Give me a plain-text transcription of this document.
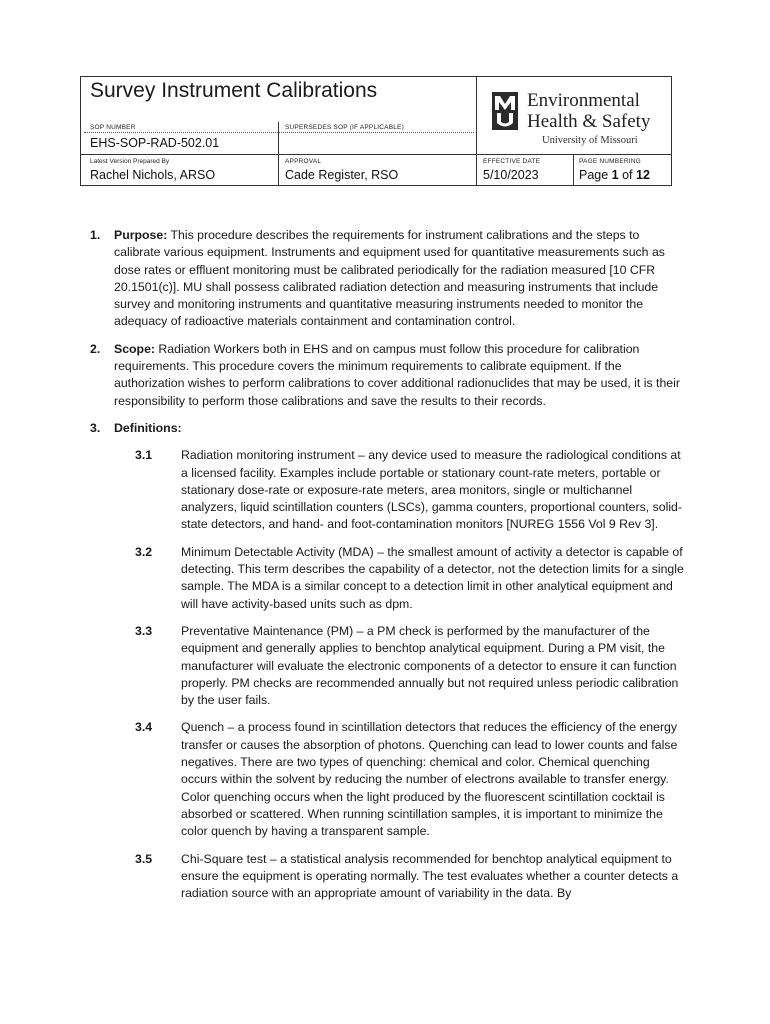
Survey Instrument Calibrations
SOP NUMBER
EHS-SOP-RAD-502.01
SUPERSEDES SOP (IF APPLICABLE)
Latest Version Prepared By
Rachel Nichols, ARSO
APPROVAL
Cade Register, RSO
EFFECTIVE DATE
5/10/2023
PAGE NUMBERING
Page 1 of 12
Environmental
Health & Safety
University of Missouri
1. Purpose: This procedure describes the requirements for instrument calibrations and the steps to calibrate various equipment. Instruments and equipment used for quantitative measurements such as dose rates or effluent monitoring must be calibrated periodically for the radiation measured [10 CFR 20.1501(c)]. MU shall possess calibrated radiation detection and measuring instruments that include survey and monitoring instruments and quantitative measuring instruments needed to monitor the adequacy of radioactive materials containment and contamination control.
2. Scope: Radiation Workers both in EHS and on campus must follow this procedure for calibration requirements. This procedure covers the minimum requirements to calibrate equipment. If the authorization wishes to perform calibrations to cover additional radionuclides that may be used, it is their responsibility to perform those calibrations and save the results to their records.
3. Definitions:
3.1 Radiation monitoring instrument – any device used to measure the radiological conditions at a licensed facility. Examples include portable or stationary count-rate meters, portable or stationary dose-rate or exposure-rate meters, area monitors, single or multichannel analyzers, liquid scintillation counters (LSCs), gamma counters, proportional counters, solid-state detectors, and hand- and foot-contamination monitors [NUREG 1556 Vol 9 Rev 3].
3.2 Minimum Detectable Activity (MDA) – the smallest amount of activity a detector is capable of detecting. This term describes the capability of a detector, not the detection limits for a single sample. The MDA is a similar concept to a detection limit in other analytical equipment and will have activity-based units such as dpm.
3.3 Preventative Maintenance (PM) – a PM check is performed by the manufacturer of the equipment and generally applies to benchtop analytical equipment. During a PM visit, the manufacturer will evaluate the electronic components of a detector to ensure it can function properly. PM checks are recommended annually but not required unless periodic calibration by the user fails.
3.4 Quench – a process found in scintillation detectors that reduces the efficiency of the energy transfer or causes the absorption of photons. Quenching can lead to lower counts and false negatives. There are two types of quenching: chemical and color. Chemical quenching occurs within the solvent by reducing the number of electrons available to transfer energy. Color quenching occurs when the light produced by the fluorescent scintillation cocktail is absorbed or scattered. When running scintillation samples, it is important to minimize the color quench by having a transparent sample.
3.5 Chi-Square test – a statistical analysis recommended for benchtop analytical equipment to ensure the equipment is operating normally. The test evaluates whether a counter detects a radiation source with an appropriate amount of variability in the data. By
